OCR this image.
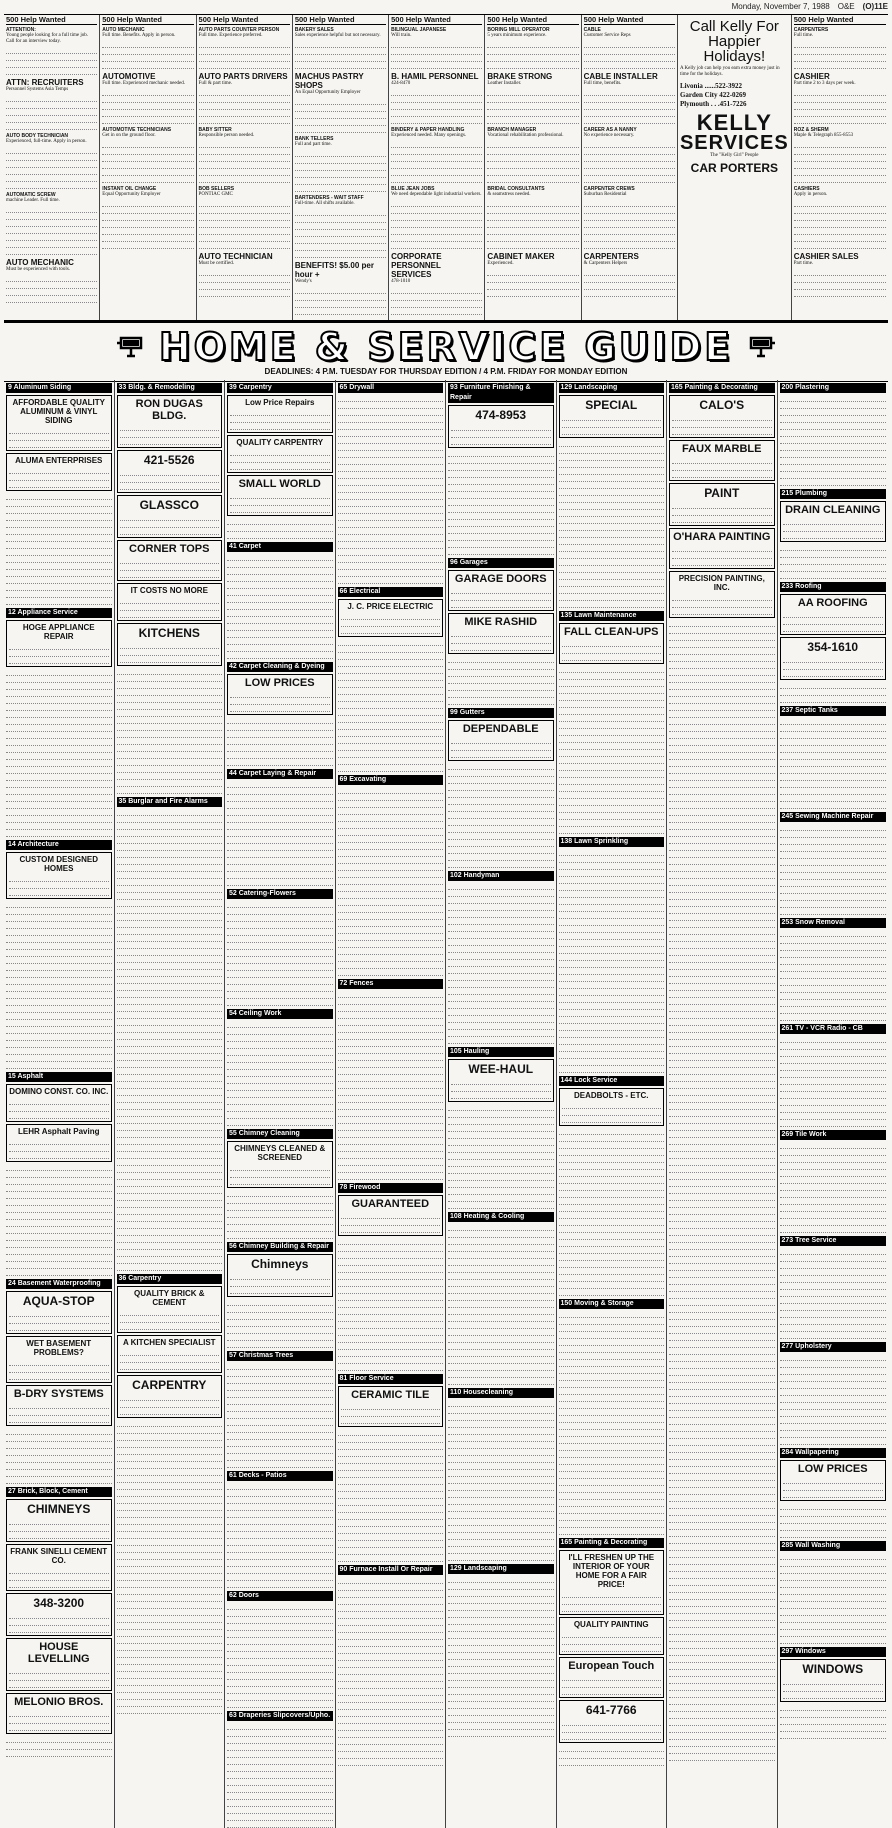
Monday, November 7, 1988 O&E (O)11E
500 Help Wanted
ATTENTION:
Young people looking for a full time job. Call for an interview today.
ATTN: RECRUITERS
Personnel Systems Asia Temps
AUTO BODY TECHNICIAN
Experienced, full-time. Apply in person.
AUTOMATIC SCREW
machine Leader. Full time.
AUTO MECHANIC
Must be experienced with tools.
500 Help Wanted
AUTO MECHANIC
Full time. Benefits. Apply in person.
AUTOMOTIVE
Full time. Experienced mechanic needed.
AUTOMOTIVE TECHNICIANS
Get in on the ground floor.
INSTANT OIL CHANGE
Equal Opportunity Employer
500 Help Wanted
AUTO PARTS COUNTER PERSON
Full time. Experience preferred.
AUTO PARTS DRIVERS
Full & part time.
BABY SITTER
Responsible person needed.
BOB SELLERS
PONTIAC GMC
AUTO TECHNICIAN
Must be certified.
500 Help Wanted
BAKERY SALES
Sales experience helpful but not necessary.
MACHUS PASTRY SHOPS
An Equal Opportunity Employer
BANK TELLERS
Full and part time.
BARTENDERS - WAIT STAFF
Full-time. All shifts available.
BENEFITS! $5.00 per hour +
Wendy's
500 Help Wanted
BILINGUAL JAPANESE
Will train.
B. HAMIL PERSONNEL
424-8470
BINDERY & PAPER HANDLING
Experienced needed. Many openings.
BLUE JEAN JOBS
We need dependable light industrial workers.
CORPORATE PERSONNEL SERVICES
478-1010
500 Help Wanted
BORING MILL OPERATOR
5 years minimum experience.
BRAKE STRONG
Leather Installer.
BRANCH MANAGER
Vocational rehabilitation professional.
BRIDAL CONSULTANTS
& seamstress needed.
CABINET MAKER
Experienced.
500 Help Wanted
CABLE
Customer Service Reps
CABLE INSTALLER
Full time, benefits.
CAREER AS A NANNY
No experience necessary.
CARPENTER CREWS
Suburban Residential
CARPENTERS
& Carpenters Helpers
Call Kelly For Happier Holidays!
A Kelly job can help you earn extra money just in time for the holidays.
Livonia ......522-3922
Garden City 422-0269
Plymouth . . .451-7226
KELLY
SERVICES
The "Kelly Girl" People
CAR PORTERS
500 Help Wanted
CARPENTERS
Full time.
CASHIER
Part time 2 to 3 days per week.
ROZ & SHERM
Maple & Telegraph 855-8553
CASHIERS
Apply in person.
CASHIER SALES
Part time.
HOME & SERVICE GUIDE
DEADLINES: 4 P.M. TUESDAY FOR THURSDAY EDITION / 4 P.M. FRIDAY FOR MONDAY EDITION
9 Aluminum Siding
AFFORDABLE QUALITY ALUMINUM & VINYL SIDING
ALUMA ENTERPRISES
12 Appliance Service
HOGE APPLIANCE REPAIR
14 Architecture
CUSTOM DESIGNED HOMES
15 Asphalt
DOMINO CONST. CO. INC.
LEHR Asphalt Paving
24 Basement Waterproofing
AQUA-STOP
WET BASEMENT PROBLEMS?
B-DRY SYSTEMS
27 Brick, Block, Cement
CHIMNEYS
FRANK SINELLI CEMENT CO.
348-3200
HOUSE LEVELLING
MELONIO BROS.
33 Bldg. & Remodeling
RON DUGAS BLDG.
421-5526
GLASSCO
CORNER TOPS
IT COSTS NO MORE
KITCHENS
35 Burglar and Fire Alarms
36 Carpentry
QUALITY BRICK & CEMENT
A KITCHEN SPECIALIST
CARPENTRY
39 Carpentry
Low Price Repairs
QUALITY CARPENTRY
SMALL WORLD
41 Carpet
42 Carpet Cleaning & Dyeing
LOW PRICES
44 Carpet Laying & Repair
52 Catering-Flowers
54 Ceiling Work
55 Chimney Cleaning
CHIMNEYS CLEANED & SCREENED
56 Chimney Building & Repair
Chimneys
57 Christmas Trees
61 Decks - Patios
62 Doors
63 Draperies Slipcovers/Upho.
65 Drywall
66 Electrical
J. C. PRICE ELECTRIC
69 Excavating
72 Fences
78 Firewood
GUARANTEED
81 Floor Service
CERAMIC TILE
90 Furnace Install Or Repair
93 Furniture Finishing & Repair
474-8953
96 Garages
GARAGE DOORS
MIKE RASHID
99 Gutters
DEPENDABLE
102 Handyman
105 Hauling
WEE-HAUL
108 Heating & Cooling
110 Housecleaning
129 Landscaping
129 Landscaping
SPECIAL
135 Lawn Maintenance
FALL CLEAN-UPS
138 Lawn Sprinkling
144 Lock Service
DEADBOLTS - ETC.
150 Moving & Storage
165 Painting & Decorating
I'LL FRESHEN UP THE INTERIOR OF YOUR HOME FOR A FAIR PRICE!
QUALITY PAINTING
European Touch
641-7766
165 Painting & Decorating
CALO'S
FAUX MARBLE
PAINT
O'HARA PAINTING
PRECISION PAINTING, INC.
200 Plastering
215 Plumbing
DRAIN CLEANING
233 Roofing
AA ROOFING
354-1610
237 Septic Tanks
245 Sewing Machine Repair
253 Snow Removal
261 TV - VCR Radio - CB
269 Tile Work
273 Tree Service
277 Upholstery
284 Wallpapering
LOW PRICES
285 Wall Washing
297 Windows
WINDOWS
